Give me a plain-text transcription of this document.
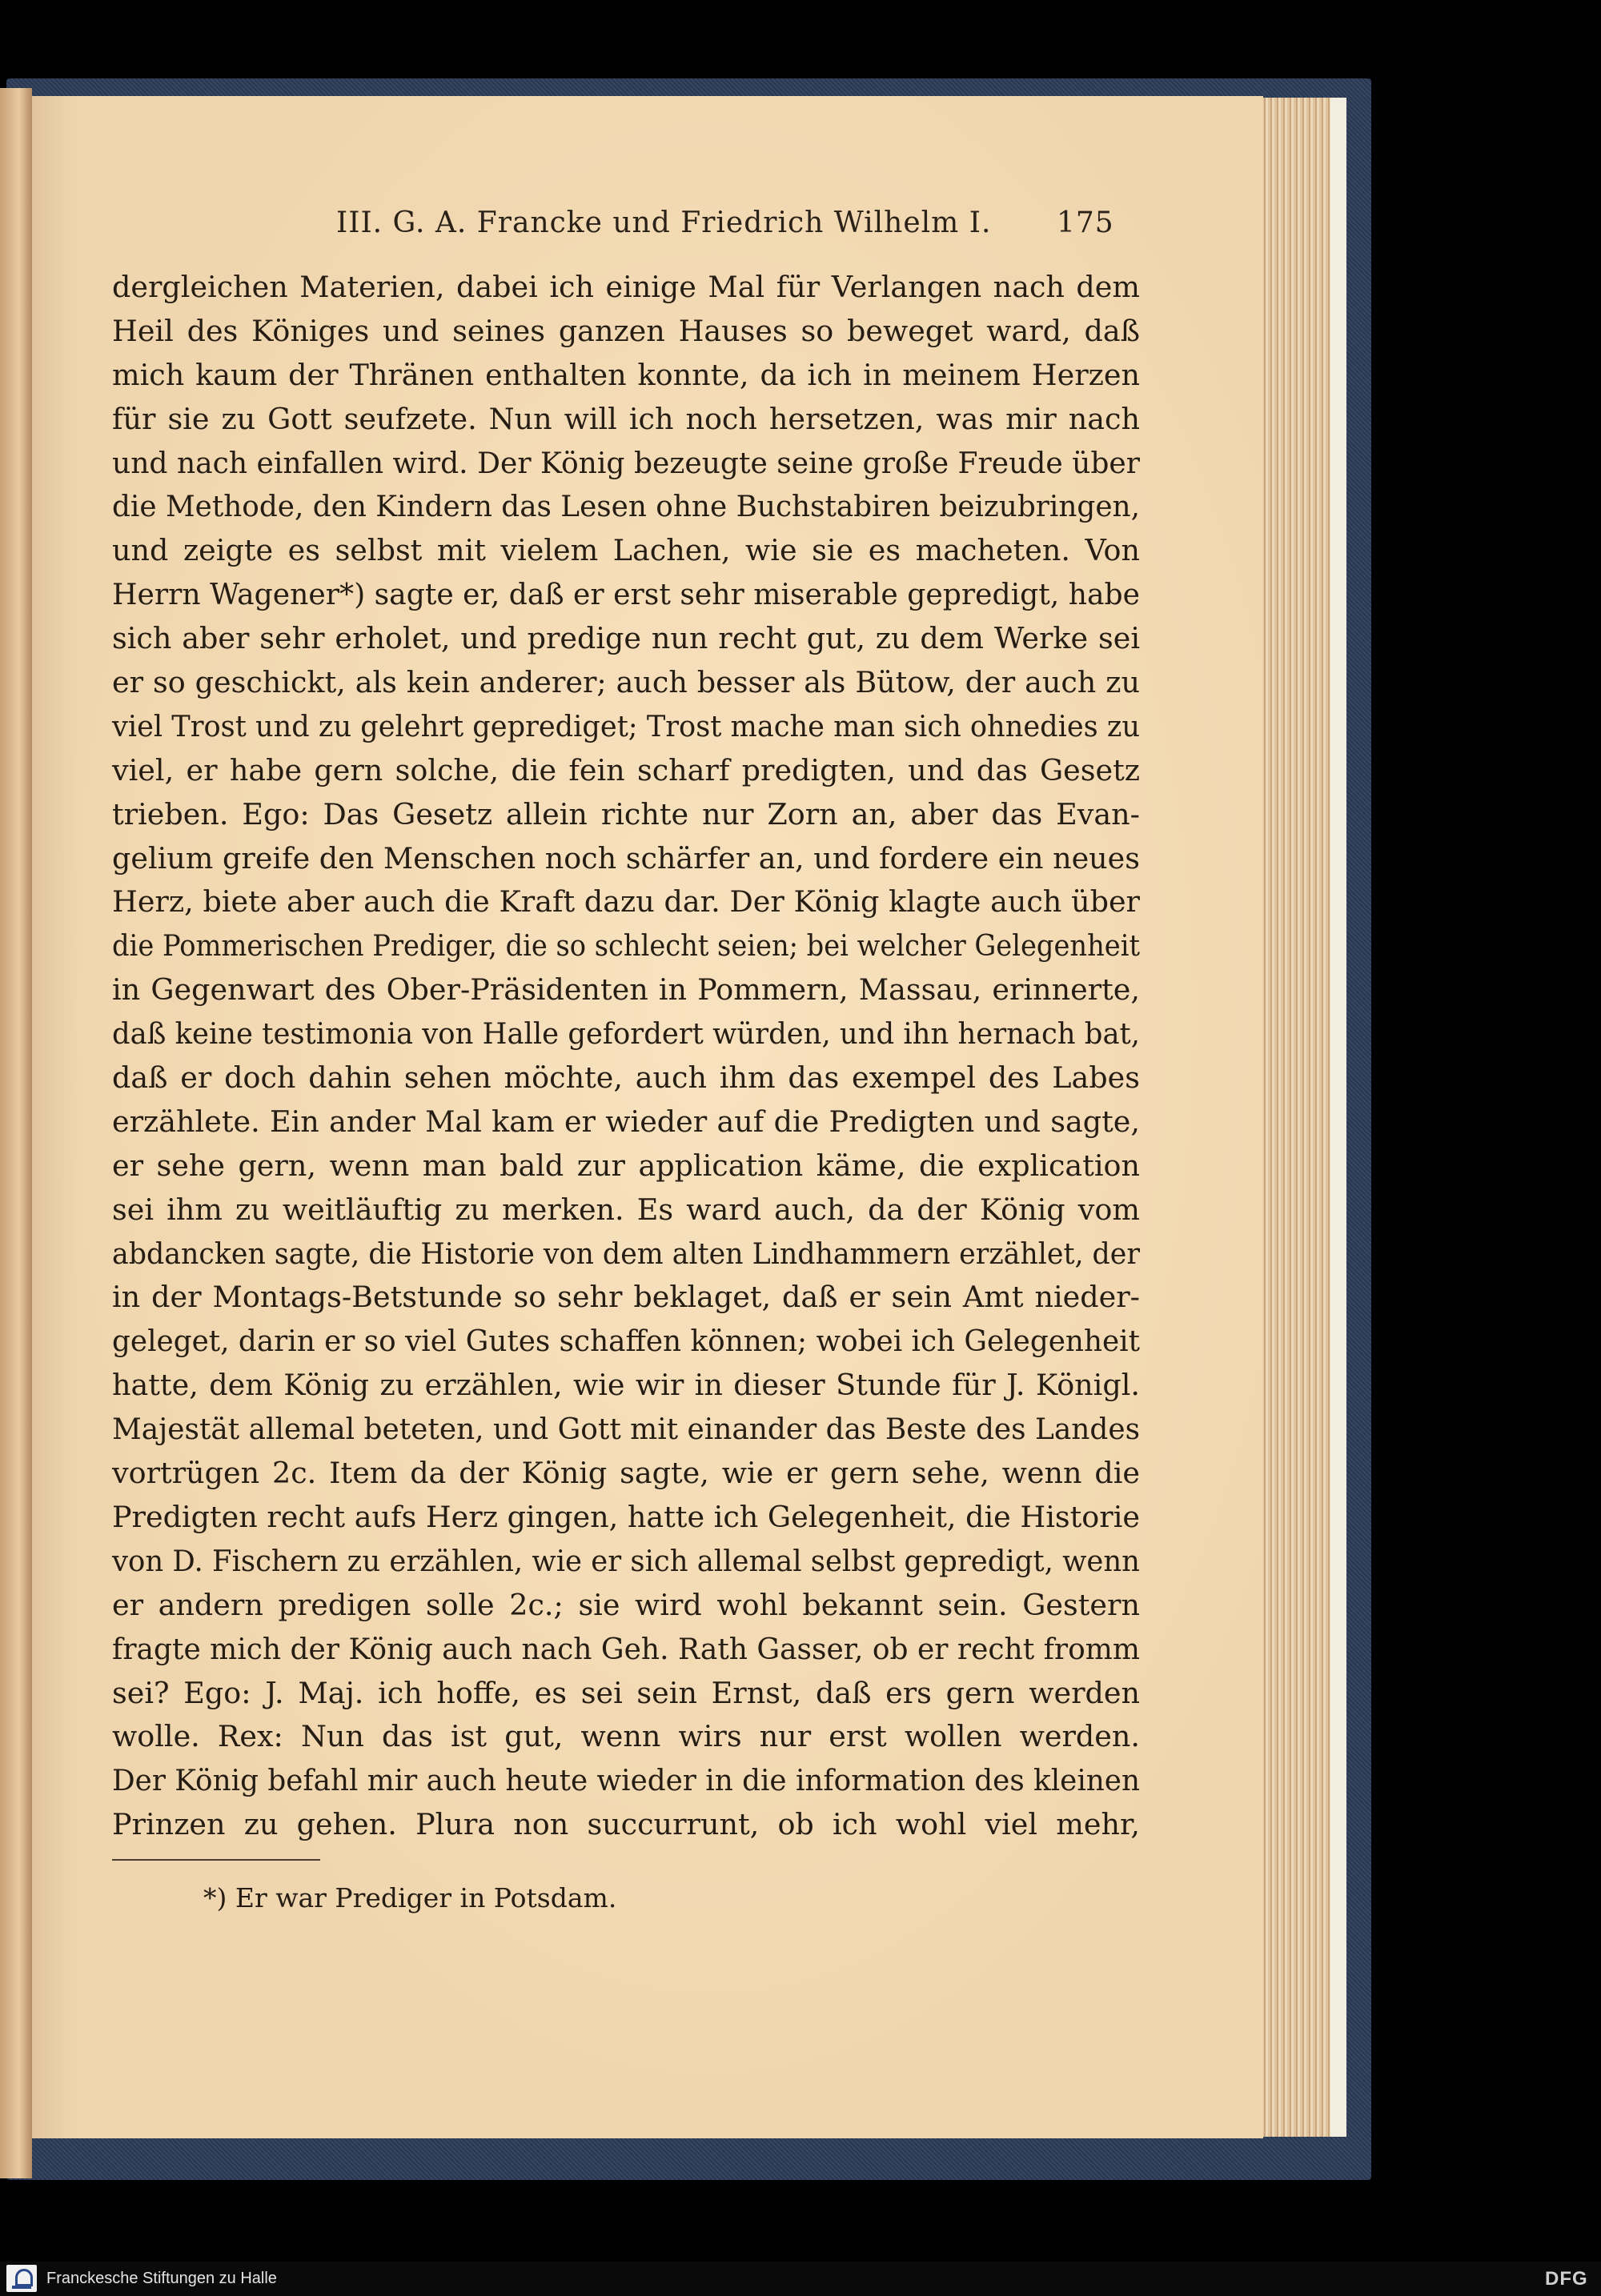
III. G. A. Francke und Friedrich Wilhelm I. 175
dergleichen Materien, dabei ich einige Mal für Verlangen nach dem
Heil des Königes und seines ganzen Hauses so beweget ward, daß
mich kaum der Thränen enthalten konnte, da ich in meinem Herzen
für sie zu Gott seufzete. Nun will ich noch hersetzen, was mir nach
und nach einfallen wird. Der König bezeugte seine große Freude über
die Methode, den Kindern das Lesen ohne Buchstabiren beizubringen,
und zeigte es selbst mit vielem Lachen, wie sie es macheten. Von
Herrn Wagener*) sagte er, daß er erst sehr miserable gepredigt, habe
sich aber sehr erholet, und predige nun recht gut, zu dem Werke sei
er so geschickt, als kein anderer; auch besser als Bütow, der auch zu
viel Trost und zu gelehrt geprediget; Trost mache man sich ohnedies zu
viel, er habe gern solche, die fein scharf predigten, und das Gesetz
trieben. Ego: Das Gesetz allein richte nur Zorn an, aber das Evan-
gelium greife den Menschen noch schärfer an, und fordere ein neues
Herz, biete aber auch die Kraft dazu dar. Der König klagte auch über
die Pommerischen Prediger, die so schlecht seien; bei welcher Gelegenheit
in Gegenwart des Ober-Präsidenten in Pommern, Massau, erinnerte,
daß keine testimonia von Halle gefordert würden, und ihn hernach bat,
daß er doch dahin sehen möchte, auch ihm das exempel des Labes
erzählete. Ein ander Mal kam er wieder auf die Predigten und sagte,
er sehe gern, wenn man bald zur application käme, die explication
sei ihm zu weitläuftig zu merken. Es ward auch, da der König vom
abdancken sagte, die Historie von dem alten Lindhammern erzählet, der
in der Montags-Betstunde so sehr beklaget, daß er sein Amt nieder-
geleget, darin er so viel Gutes schaffen können; wobei ich Gelegenheit
hatte, dem König zu erzählen, wie wir in dieser Stunde für J. Königl.
Majestät allemal beteten, und Gott mit einander das Beste des Landes
vortrügen 2c. Item da der König sagte, wie er gern sehe, wenn die
Predigten recht aufs Herz gingen, hatte ich Gelegenheit, die Historie
von D. Fischern zu erzählen, wie er sich allemal selbst gepredigt, wenn
er andern predigen solle 2c.; sie wird wohl bekannt sein. Gestern
fragte mich der König auch nach Geh. Rath Gasser, ob er recht fromm
sei? Ego: J. Maj. ich hoffe, es sei sein Ernst, daß ers gern werden
wolle. Rex: Nun das ist gut, wenn wirs nur erst wollen werden.
Der König befahl mir auch heute wieder in die information des kleinen
Prinzen zu gehen. Plura non succurrunt, ob ich wohl viel mehr,
*) Er war Prediger in Potsdam.
Franckesche Stiftungen zu Halle	DFG
